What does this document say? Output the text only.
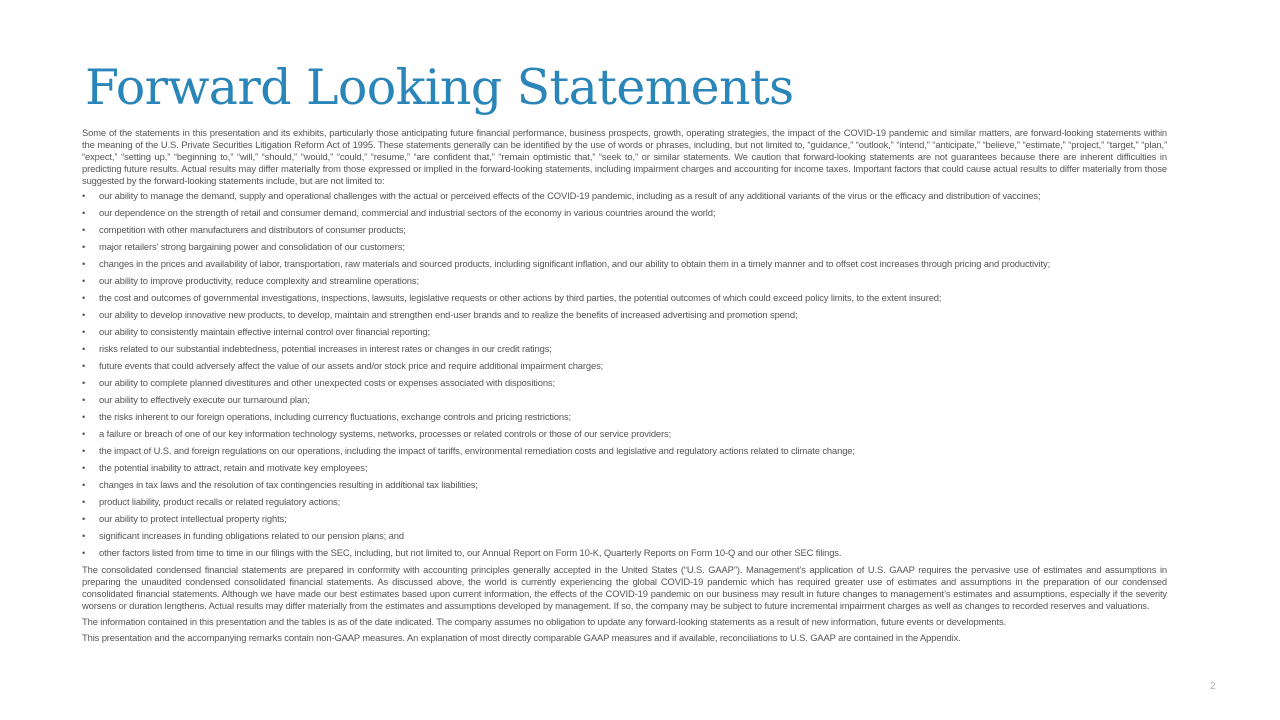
Forward Looking Statements

Some of the statements in this presentation and its exhibits, particularly those anticipating future financial performance, business prospects, growth, operating strategies, the impact of the COVID-19 pandemic and similar matters, are forward-looking statements within the meaning of the U.S. Private Securities Litigation Reform Act of 1995. These statements generally can be identified by the use of words or phrases, including, but not limited to, “guidance,” “outlook,” “intend,” “anticipate,” “believe,” “estimate,” “project,” “target,” “plan,” “expect,” “setting up,” “beginning to,” “will,” “should,” “would,” “could,” “resume,” “are confident that,” “remain optimistic that,” “seek to,” or similar statements. We caution that forward-looking statements are not guarantees because there are inherent difficulties in predicting future results. Actual results may differ materially from those expressed or implied in the forward-looking statements, including impairment charges and accounting for income taxes. Important factors that could cause actual results to differ materially from those suggested by the forward-looking statements include, but are not limited to:

• our ability to manage the demand, supply and operational challenges with the actual or perceived effects of the COVID-19 pandemic, including as a result of any additional variants of the virus or the efficacy and distribution of vaccines;
• our dependence on the strength of retail and consumer demand, commercial and industrial sectors of the economy in various countries around the world;
• competition with other manufacturers and distributors of consumer products;
• major retailers’ strong bargaining power and consolidation of our customers;
• changes in the prices and availability of labor, transportation, raw materials and sourced products, including significant inflation, and our ability to obtain them in a timely manner and to offset cost increases through pricing and productivity;
• our ability to improve productivity, reduce complexity and streamline operations;
• the cost and outcomes of governmental investigations, inspections, lawsuits, legislative requests or other actions by third parties, the potential outcomes of which could exceed policy limits, to the extent insured;
• our ability to develop innovative new products, to develop, maintain and strengthen end-user brands and to realize the benefits of increased advertising and promotion spend;
• our ability to consistently maintain effective internal control over financial reporting;
• risks related to our substantial indebtedness, potential increases in interest rates or changes in our credit ratings;
• future events that could adversely affect the value of our assets and/or stock price and require additional impairment charges;
• our ability to complete planned divestitures and other unexpected costs or expenses associated with dispositions;
• our ability to effectively execute our turnaround plan;
• the risks inherent to our foreign operations, including currency fluctuations, exchange controls and pricing restrictions;
• a failure or breach of one of our key information technology systems, networks, processes or related controls or those of our service providers;
• the impact of U.S. and foreign regulations on our operations, including the impact of tariffs, environmental remediation costs and legislative and regulatory actions related to climate change;
• the potential inability to attract, retain and motivate key employees;
• changes in tax laws and the resolution of tax contingencies resulting in additional tax liabilities;
• product liability, product recalls or related regulatory actions;
• our ability to protect intellectual property rights;
• significant increases in funding obligations related to our pension plans; and
• other factors listed from time to time in our filings with the SEC, including, but not limited to, our Annual Report on Form 10-K, Quarterly Reports on Form 10-Q and our other SEC filings.

The consolidated condensed financial statements are prepared in conformity with accounting principles generally accepted in the United States (“U.S. GAAP”). Management’s application of U.S. GAAP requires the pervasive use of estimates and assumptions in preparing the unaudited condensed consolidated financial statements. As discussed above, the world is currently experiencing the global COVID-19 pandemic which has required greater use of estimates and assumptions in the preparation of our condensed consolidated financial statements. Although we have made our best estimates based upon current information, the effects of the COVID-19 pandemic on our business may result in future changes to management’s estimates and assumptions, especially if the severity worsens or duration lengthens. Actual results may differ materially from the estimates and assumptions developed by management. If so, the company may be subject to future incremental impairment charges as well as changes to recorded reserves and valuations.

The information contained in this presentation and the tables is as of the date indicated. The company assumes no obligation to update any forward-looking statements as a result of new information, future events or developments.

This presentation and the accompanying remarks contain non-GAAP measures. An explanation of most directly comparable GAAP measures and if available, reconciliations to U.S. GAAP are contained in the Appendix.

2
